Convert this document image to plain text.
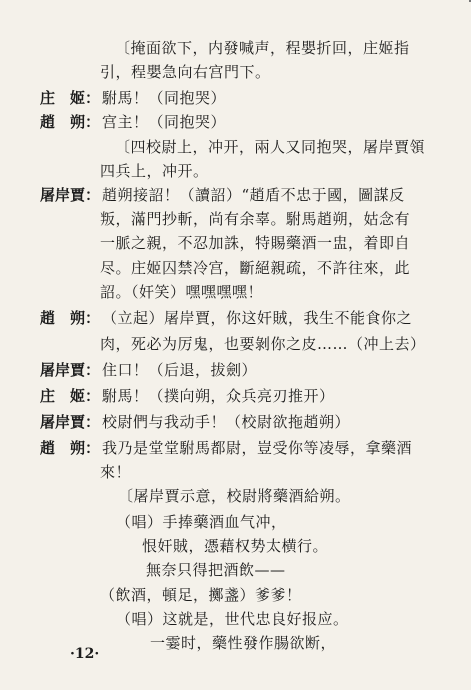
〔掩面欲下，内發喊声，程嬰折回，庄姬指
引，程嬰急向右宫門下。
庄　姬： 駙馬！（同抱哭）
趙　朔： 宫主！（同抱哭）
〔四校尉上，冲开，兩人又同抱哭，屠岸賈領
四兵上，冲开。
屠岸賈： 趙朔接詔！（讀詔）“趙盾不忠于國，圖謀反
叛，滿門抄斬，尚有余辜。駙馬趙朔，姑念有
一脈之親，不忍加誅，特賜藥酒一盅，着即自
尽。庄姬囚禁冷宫，斷絕親疏，不許往來，此
詔。（奸笑）嘿嘿嘿嘿！
趙　朔： （立起）屠岸賈，你这奸賊，我生不能食你之
肉，死必为厉鬼，也要剝你之皮……（冲上去）
屠岸賈： 住口！（后退，拔劍）
庄　姬： 駙馬！（撲向朔，众兵亮刃推开）
屠岸賈： 校尉們与我动手！（校尉欲拖趙朔）
趙　朔： 我乃是堂堂駙馬都尉，豈受你等凌辱，拿藥酒
來！
〔屠岸賈示意，校尉將藥酒給朔。
（唱）手捧藥酒血气冲，
恨奸賊，憑藉权势太横行。
無奈只得把酒飲——
（飲酒，頓足，擲盞）爹爹！
（唱）这就是，世代忠良好报应。
一霎时，藥性發作腸欲断，
·12·
